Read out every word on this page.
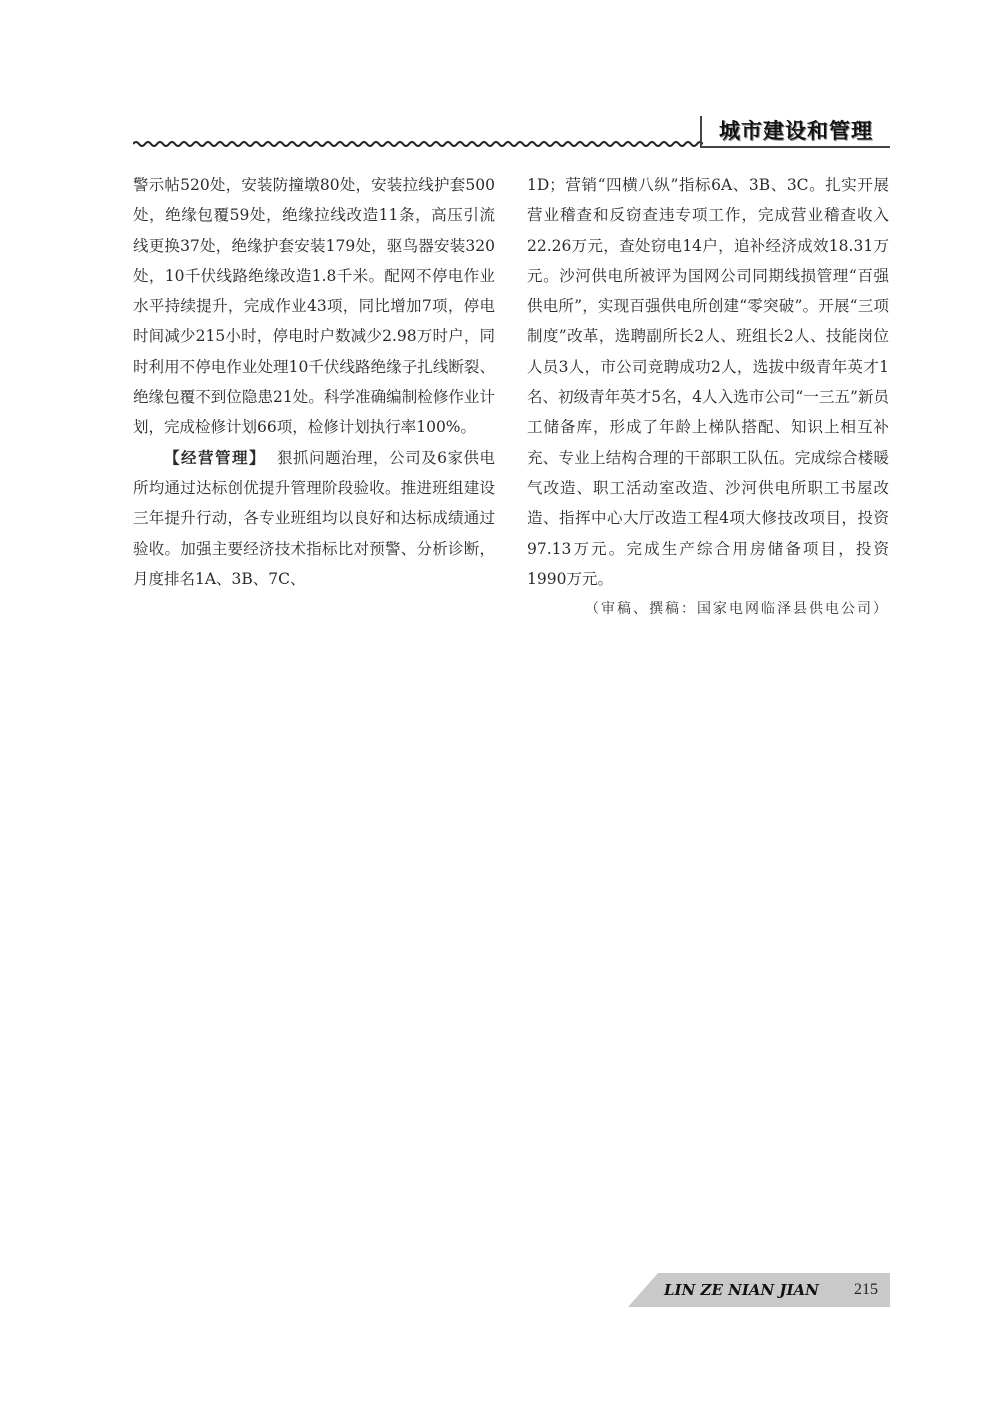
城市建设和管理

警示帖520处，安装防撞墩80处，安装拉线护套500处，绝缘包覆59处，绝缘拉线改造11条，高压引流线更换37处，绝缘护套安装179处，驱鸟器安装320处，10千伏线路绝缘改造1.8千米。配网不停电作业水平持续提升，完成作业43项，同比增加7项，停电时间减少215小时，停电时户数减少2.98万时户，同时利用不停电作业处理10千伏线路绝缘子扎线断裂、绝缘包覆不到位隐患21处。科学准确编制检修作业计划，完成检修计划66项，检修计划执行率100%。

【经营管理】 狠抓问题治理，公司及6家供电所均通过达标创优提升管理阶段验收。推进班组建设三年提升行动，各专业班组均以良好和达标成绩通过验收。加强主要经济技术指标比对预警、分析诊断，月度排名1A、3B、7C、

1D；营销“四横八纵”指标6A、3B、3C。扎实开展营业稽查和反窃查违专项工作，完成营业稽查收入22.26万元，查处窃电14户，追补经济成效18.31万元。沙河供电所被评为国网公司同期线损管理“百强供电所”，实现百强供电所创建“零突破”。开展“三项制度”改革，选聘副所长2人、班组长2人、技能岗位人员3人，市公司竞聘成功2人，选拔中级青年英才1名、初级青年英才5名，4人入选市公司“一三五”新员工储备库，形成了年龄上梯队搭配、知识上相互补充、专业上结构合理的干部职工队伍。完成综合楼暖气改造、职工活动室改造、沙河供电所职工书屋改造、指挥中心大厅改造工程4项大修技改项目，投资97.13万元。完成生产综合用房储备项目，投资1990万元。

（审稿、撰稿：国家电网临泽县供电公司）

LIN ZE NIAN JIAN 215
